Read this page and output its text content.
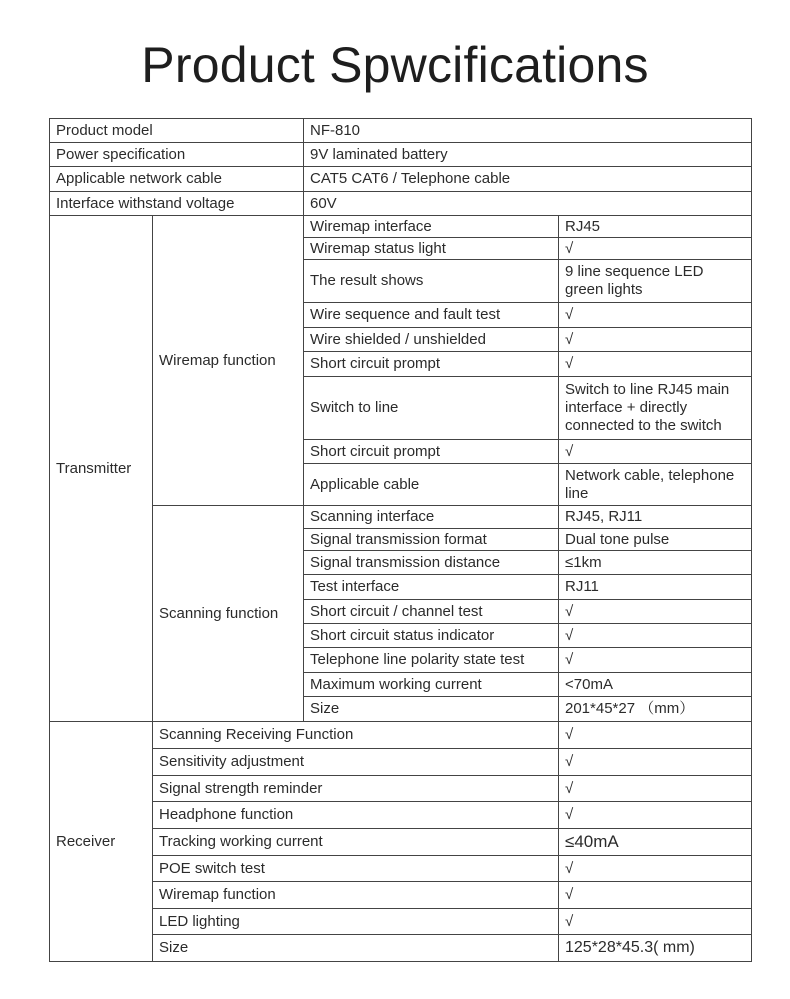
Product Spwcifications
Product model		NF-810	
Power specification		9V laminated battery	
Applicable network cable		CAT5 CAT6 / Telephone cable	
Interface withstand voltage		60V	
Transmitter	Wiremap function	Wiremap interface	RJ45
		Wiremap status light	√
		The result shows	9 line sequence LED green lights
		Wire sequence and fault test	√
		Wire shielded / unshielded	√
		Short circuit prompt	√
		Switch to line	Switch to line RJ45 main interface + directly connected to the switch
		Short circuit prompt	√
		Applicable cable	Network cable, telephone line
	Scanning function	Scanning interface	RJ45, RJ11
		Signal transmission format	Dual tone pulse
		Signal transmission distance	≤1km
		Test interface	RJ11
		Short circuit / channel test	√
		Short circuit status indicator	√
		Telephone line polarity state test	√
		Maximum working current	<70mA
		Size	201*45*27 （mm）
Receiver	Scanning Receiving Function		√
	Sensitivity adjustment		√
	Signal strength reminder		√
	Headphone function		√
	Tracking working current		≤40mA
	POE switch test		√
	Wiremap function		√
	LED lighting		√
	Size		125*28*45.3( mm)
